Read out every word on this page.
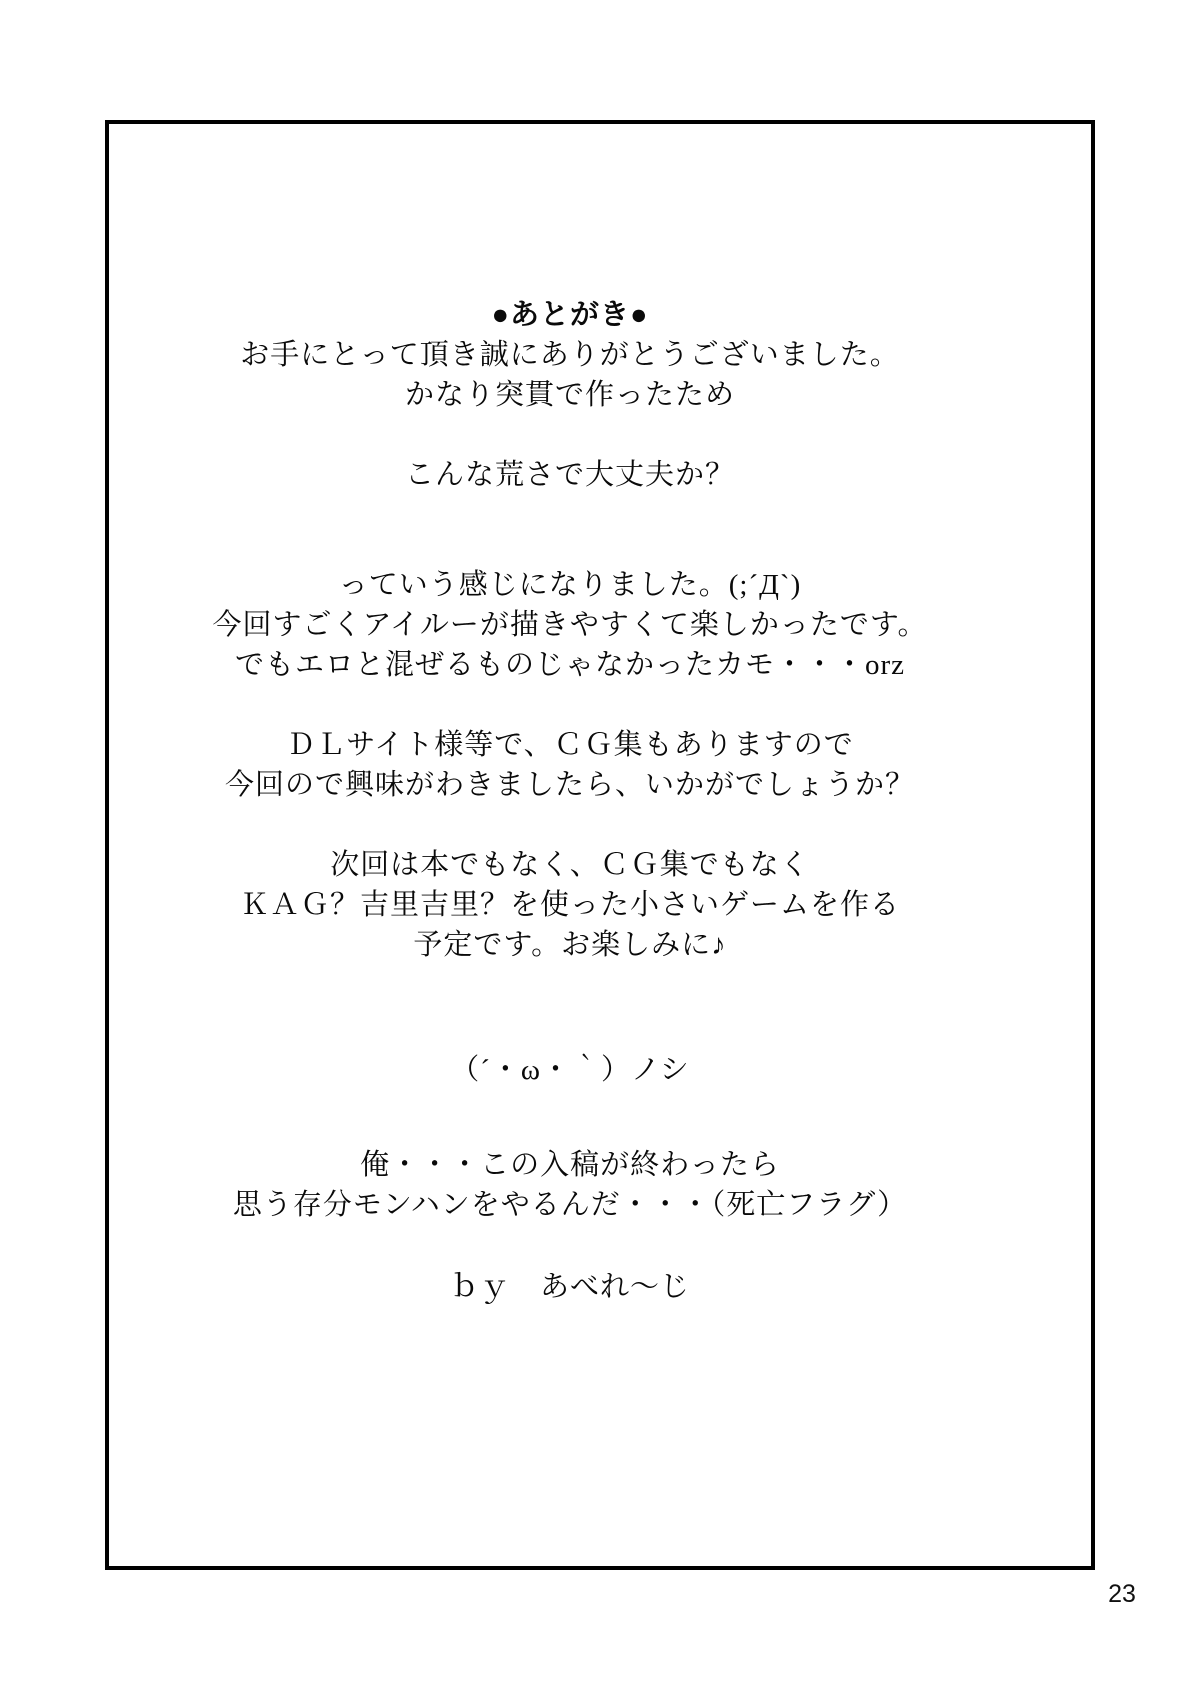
●あとがき●
お手にとって頂き誠にありがとうございました。
かなり突貫で作ったため
こんな荒さで大丈夫か？
っていう感じになりました。(;´Д`)
今回すごくアイルーが描きやすくて楽しかったです。
でもエロと混ぜるものじゃなかったカモ・・・orz
ＤＬサイト様等で、ＣＧ集もありますので
今回ので興味がわきましたら、いかがでしょうか？
次回は本でもなく、ＣＧ集でもなく
ＫＡＧ？吉里吉里？を使った小さいゲームを作る
予定です。お楽しみに♪
（´・ω・｀）ノシ
俺・・・この入稿が終わったら
思う存分モンハンをやるんだ・・・（死亡フラグ）
ｂｙ　あべれ～じ
23
